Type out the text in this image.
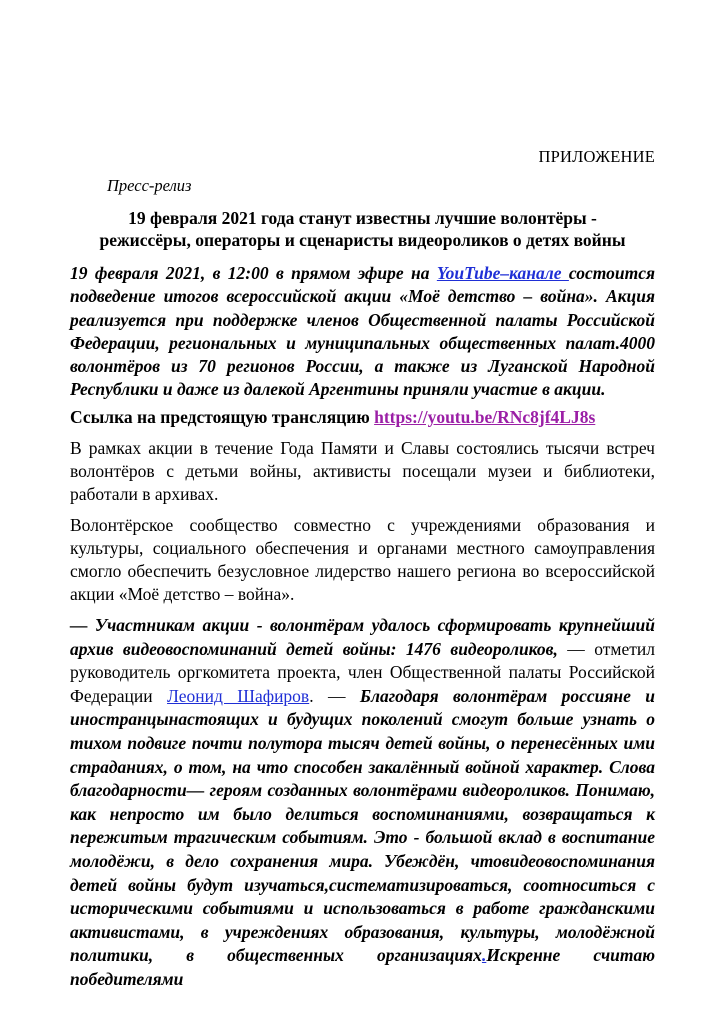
ПРИЛОЖЕНИЕ
Пресс-релиз
19 февраля 2021 года станут известны лучшие волонтёры -
режиссёры, операторы и сценаристы видеороликов о детях войны
19 февраля 2021, в 12:00 в прямом эфире на YouTube–канале состоится подведение итогов всероссийской акции «Моё детство – война». Акция реализуется при поддержке членов Общественной палаты Российской Федерации, региональных и муниципальных общественных палат.4000 волонтёров из 70 регионов России, а также из Луганской Народной Республики и даже из далекой Аргентины приняли участие в акции.
Ссылка на предстоящую трансляцию https://youtu.be/RNc8jf4LJ8s
В рамках акции в течение Года Памяти и Славы состоялись тысячи встреч волонтёров с детьми войны, активисты посещали музеи и библиотеки, работали в архивах.
Волонтёрское сообщество совместно с учреждениями образования и культуры, социального обеспечения и органами местного самоуправления смогло обеспечить безусловное лидерство нашего региона во всероссийской акции «Моё детство – война».
— Участникам акции - волонтёрам удалось сформировать крупнейший архив видеовоспоминаний детей войны: 1476 видеороликов, — отметил руководитель оргкомитета проекта, член Общественной палаты Российской Федерации Леонид Шафиров. — Благодаря волонтёрам россияне и иностранцынастоящих и будущих поколений смогут больше узнать о тихом подвиге почти полутора тысяч детей войны, о перенесённых ими страданиях, о том, на что способен закалённый войной характер. Слова благодарности— героям созданных волонтёрами видеороликов. Понимаю, как непросто им было делиться воспоминаниями, возвращаться к пережитым трагическим событиям. Это - большой вклад в воспитание молодёжи, в дело сохранения мира. Убеждён, чтовидеовоспоминания детей войны будут изучаться,систематизироваться, соотноситься с историческими событиями и использоваться в работе гражданскими активистами, в учреждениях образования, культуры, молодёжной политики, в общественных организациях.Искренне считаю победителями
